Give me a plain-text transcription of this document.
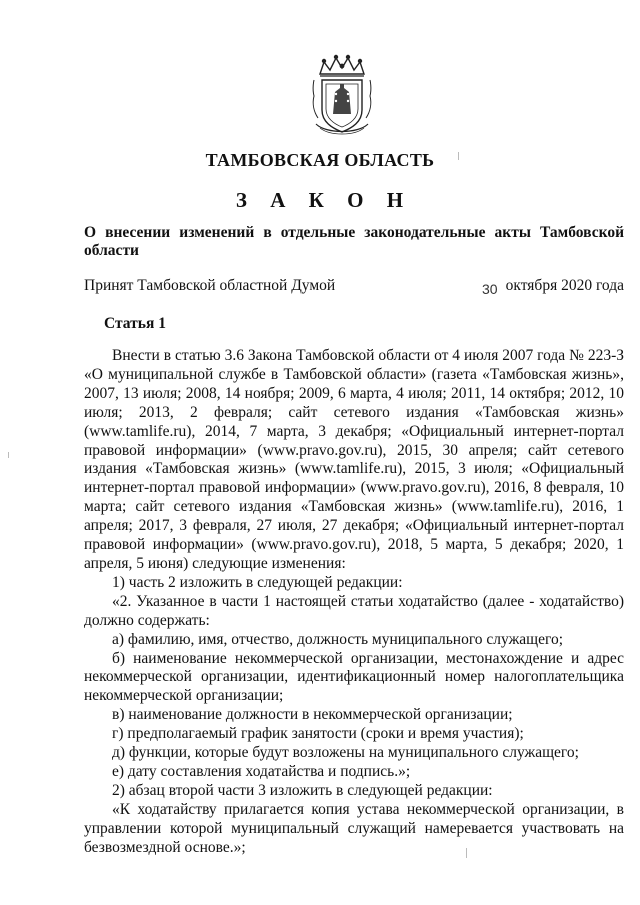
ТАМБОВСКАЯ ОБЛАСТЬ
З А К О Н

О внесении изменений в отдельные законодательные акты Тамбовской области

Принят Тамбовской областной Думой	30 октября 2020 года
Статья 1

Внести в статью 3.6 Закона Тамбовской области от 4 июля 2007 года № 223-З «О муниципальной службе в Тамбовской области» (газета «Тамбовская жизнь», 2007, 13 июля; 2008, 14 ноября; 2009, 6 марта, 4 июля; 2011, 14 октября; 2012, 10 июля; 2013, 2 февраля; сайт сетевого издания «Тамбовская жизнь» (www.tamlife.ru), 2014, 7 марта, 3 декабря; «Официальный интернет-портал правовой информации» (www.pravo.gov.ru), 2015, 30 апреля; сайт сетевого издания «Тамбовская жизнь» (www.tamlife.ru), 2015, 3 июля; «Официальный интернет-портал правовой информации» (www.pravo.gov.ru), 2016, 8 февраля, 10 марта; сайт сетевого издания «Тамбовская жизнь» (www.tamlife.ru), 2016, 1 апреля; 2017, 3 февраля, 27 июля, 27 декабря; «Официальный интернет-портал правовой информации» (www.pravo.gov.ru), 2018, 5 марта, 5 декабря; 2020, 1 апреля, 5 июня) следующие изменения:

1) часть 2 изложить в следующей редакции:

«2. Указанное в части 1 настоящей статьи ходатайство (далее - ходатайство) должно содержать:

а) фамилию, имя, отчество, должность муниципального служащего;

б) наименование некоммерческой организации, местонахождение и адрес некоммерческой организации, идентификационный номер налогоплательщика некоммерческой организации;

в) наименование должности в некоммерческой организации;

г) предполагаемый график занятости (сроки и время участия);

д) функции, которые будут возложены на муниципального служащего;

е) дату составления ходатайства и подпись.»;

2) абзац второй части 3 изложить в следующей редакции:

«К ходатайству прилагается копия устава некоммерческой организации, в управлении которой муниципальный служащий намеревается участвовать на безвозмездной основе.»;
